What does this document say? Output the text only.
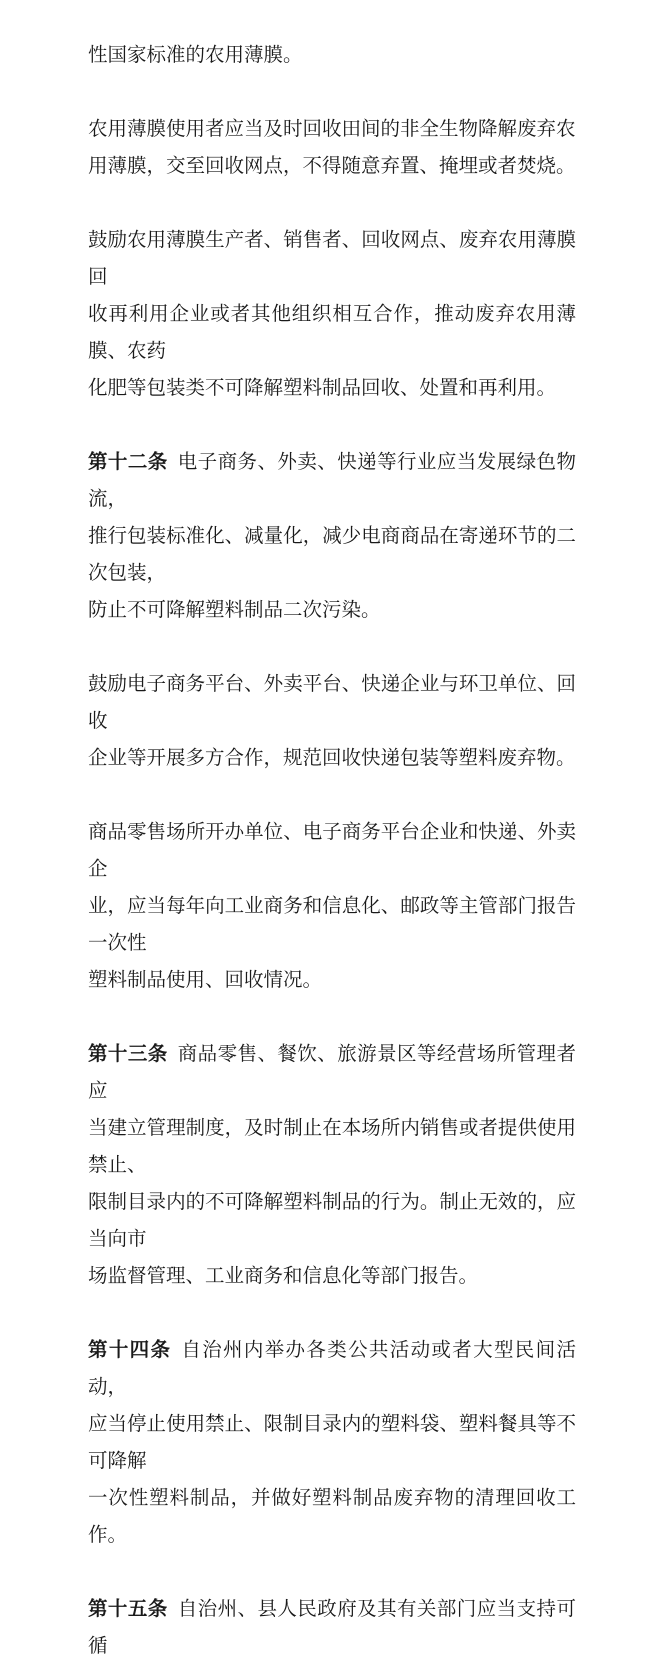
性国家标准的农用薄膜。

农用薄膜使用者应当及时回收田间的非全生物降解废弃农
用薄膜，交至回收网点，不得随意弃置、掩埋或者焚烧。

鼓励农用薄膜生产者、销售者、回收网点、废弃农用薄膜回
收再利用企业或者其他组织相互合作，推动废弃农用薄膜、农药
化肥等包装类不可降解塑料制品回收、处置和再利用。

第十二条 电子商务、外卖、快递等行业应当发展绿色物流，
推行包装标准化、减量化，减少电商商品在寄递环节的二次包装，
防止不可降解塑料制品二次污染。

鼓励电子商务平台、外卖平台、快递企业与环卫单位、回收
企业等开展多方合作，规范回收快递包装等塑料废弃物。

商品零售场所开办单位、电子商务平台企业和快递、外卖企
业，应当每年向工业商务和信息化、邮政等主管部门报告一次性
塑料制品使用、回收情况。

第十三条 商品零售、餐饮、旅游景区等经营场所管理者应
当建立管理制度，及时制止在本场所内销售或者提供使用禁止、
限制目录内的不可降解塑料制品的行为。制止无效的，应当向市
场监督管理、工业商务和信息化等部门报告。

第十四条 自治州内举办各类公共活动或者大型民间活动，
应当停止使用禁止、限制目录内的塑料袋、塑料餐具等不可降解
一次性塑料制品，并做好塑料制品废弃物的清理回收工作。

第十五条 自治州、县人民政府及其有关部门应当支持可循
